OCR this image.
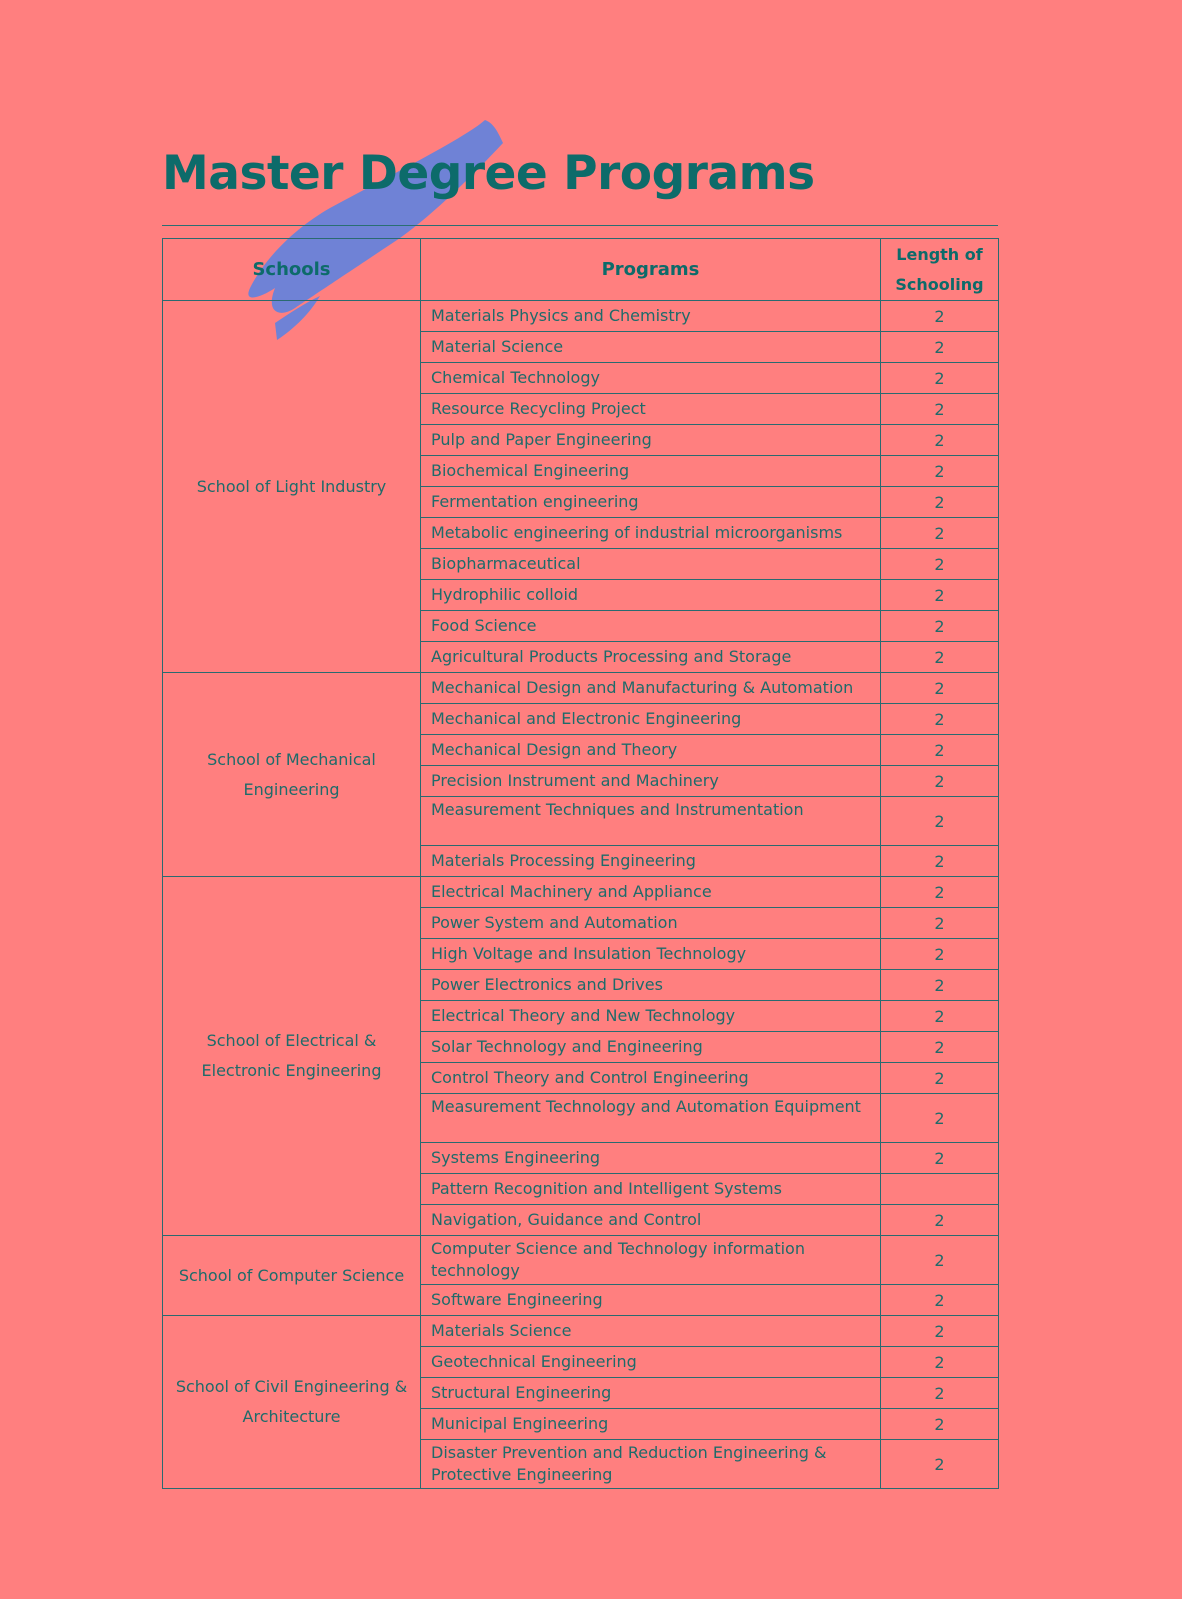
Master Degree Programs
Schools	Programs	Length of Schooling
School of Light Industry	Materials Physics and Chemistry	2
	Material Science	2
	Chemical Technology	2
	Resource Recycling Project	2
	Pulp and Paper Engineering	2
	Biochemical Engineering	2
	Fermentation engineering	2
	Metabolic engineering of industrial microorganisms	2
	Biopharmaceutical	2
	Hydrophilic colloid	2
	Food Science	2
	Agricultural Products Processing and Storage	2
School of Mechanical Engineering	Mechanical Design and Manufacturing & Automation	2
	Mechanical and Electronic Engineering	2
	Mechanical Design and Theory	2
	Precision Instrument and Machinery	2
	Measurement Techniques and Instrumentation	2
	Materials Processing Engineering	2
School of Electrical & Electronic Engineering	Electrical Machinery and Appliance	2
	Power System and Automation	2
	High Voltage and Insulation Technology	2
	Power Electronics and Drives	2
	Electrical Theory and New Technology	2
	Solar Technology and Engineering	2
	Control Theory and Control Engineering	2
	Measurement Technology and Automation Equipment	2
	Systems Engineering	2
	Pattern Recognition and Intelligent Systems	
	Navigation, Guidance and Control	2
School of Computer Science	Computer Science and Technology information technology	2
	Software Engineering	2
School of Civil Engineering & Architecture	Materials Science	2
	Geotechnical Engineering	2
	Structural Engineering	2
	Municipal Engineering	2
	Disaster Prevention and Reduction Engineering & Protective Engineering	2
